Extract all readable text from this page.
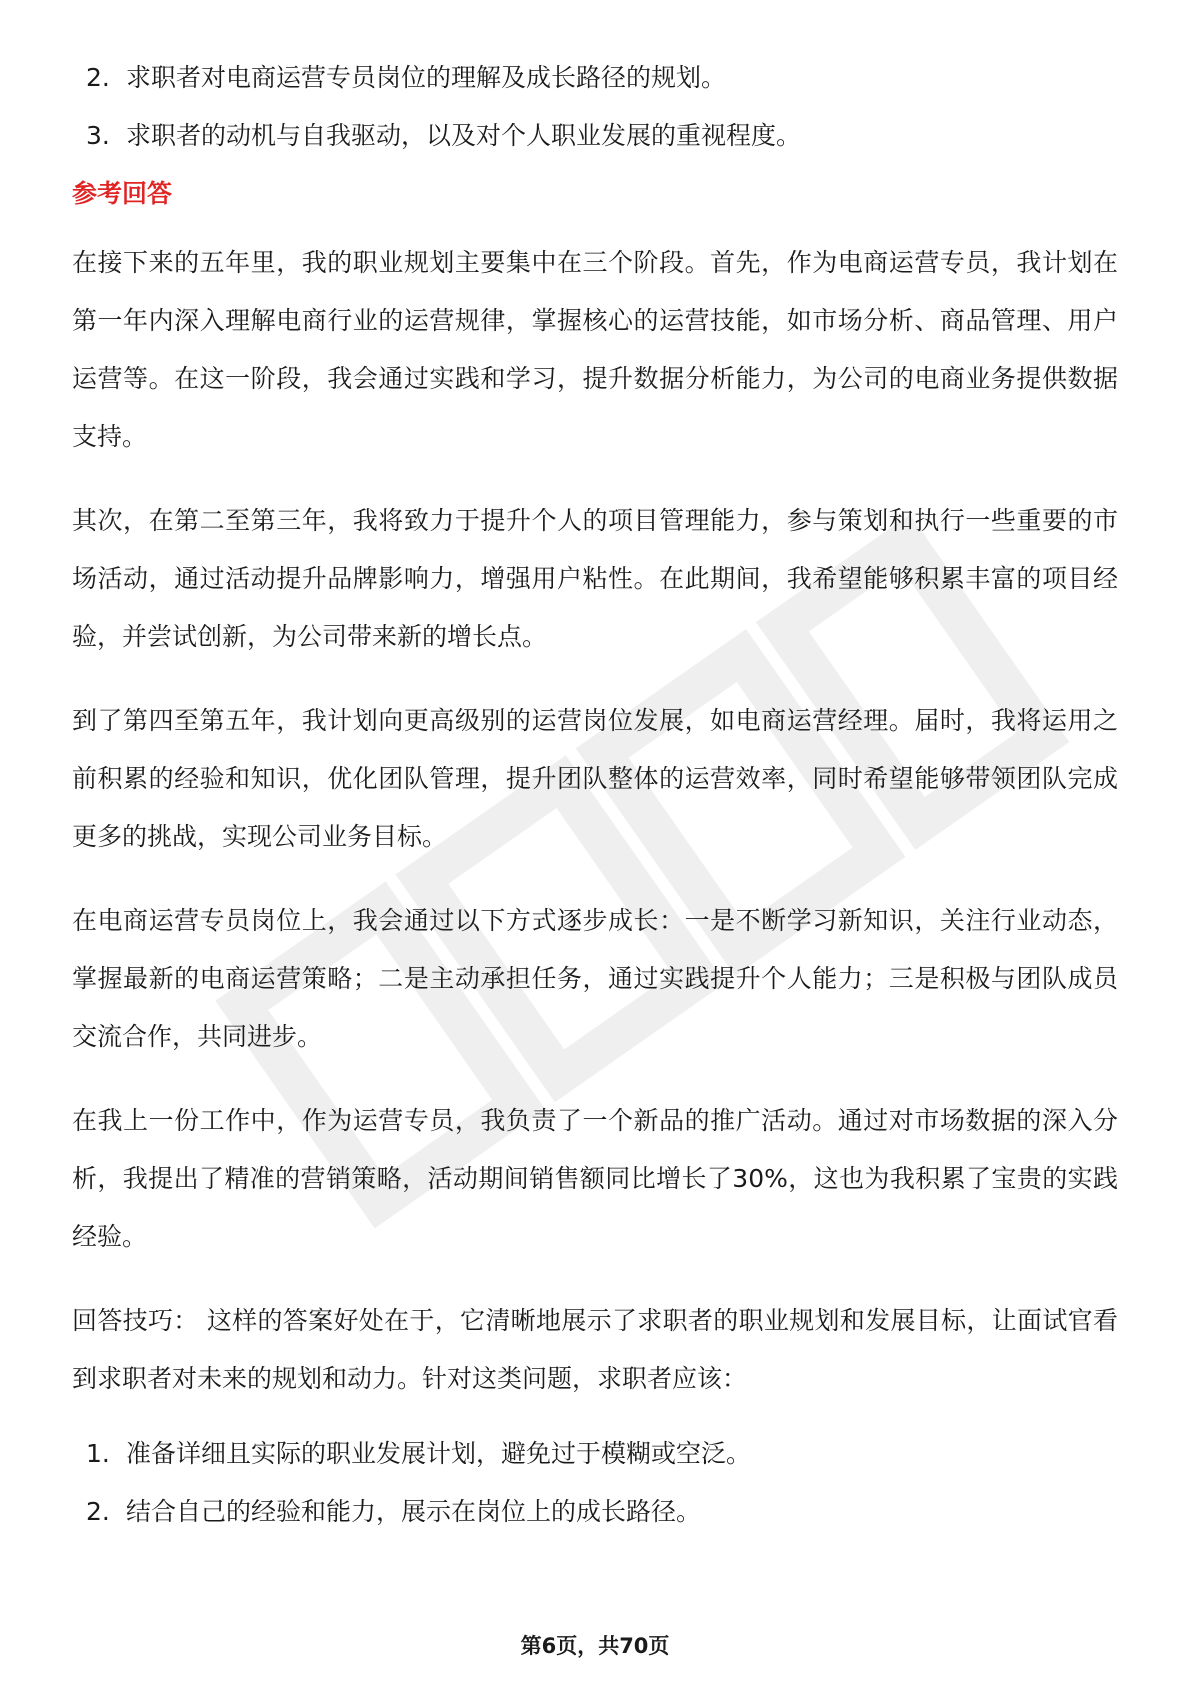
2. 求职者对电商运营专员岗位的理解及成长路径的规划。
3. 求职者的动机与自我驱动，以及对个人职业发展的重视程度。
参考回答

在接下来的五年里，我的职业规划主要集中在三个阶段。首先，作为电商运营专员，我计划在第一年内深入理解电商行业的运营规律，掌握核心的运营技能，如市场分析、商品管理、用户运营等。在这一阶段，我会通过实践和学习，提升数据分析能力，为公司的电商业务提供数据支持。

其次，在第二至第三年，我将致力于提升个人的项目管理能力，参与策划和执行一些重要的市场活动，通过活动提升品牌影响力，增强用户粘性。在此期间，我希望能够积累丰富的项目经验，并尝试创新，为公司带来新的增长点。

到了第四至第五年，我计划向更高级别的运营岗位发展，如电商运营经理。届时，我将运用之前积累的经验和知识，优化团队管理，提升团队整体的运营效率，同时希望能够带领团队完成更多的挑战，实现公司业务目标。

在电商运营专员岗位上，我会通过以下方式逐步成长：一是不断学习新知识，关注行业动态，掌握最新的电商运营策略；二是主动承担任务，通过实践提升个人能力；三是积极与团队成员交流合作，共同进步。

在我上一份工作中，作为运营专员，我负责了一个新品的推广活动。通过对市场数据的深入分析，我提出了精准的营销策略，活动期间销售额同比增长了30%，这也为我积累了宝贵的实践经验。

回答技巧： 这样的答案好处在于，它清晰地展示了求职者的职业规划和发展目标，让面试官看到求职者对未来的规划和动力。针对这类问题，求职者应该：

1. 准备详细且实际的职业发展计划，避免过于模糊或空泛。
2. 结合自己的经验和能力，展示在岗位上的成长路径。
第6页，共70页
